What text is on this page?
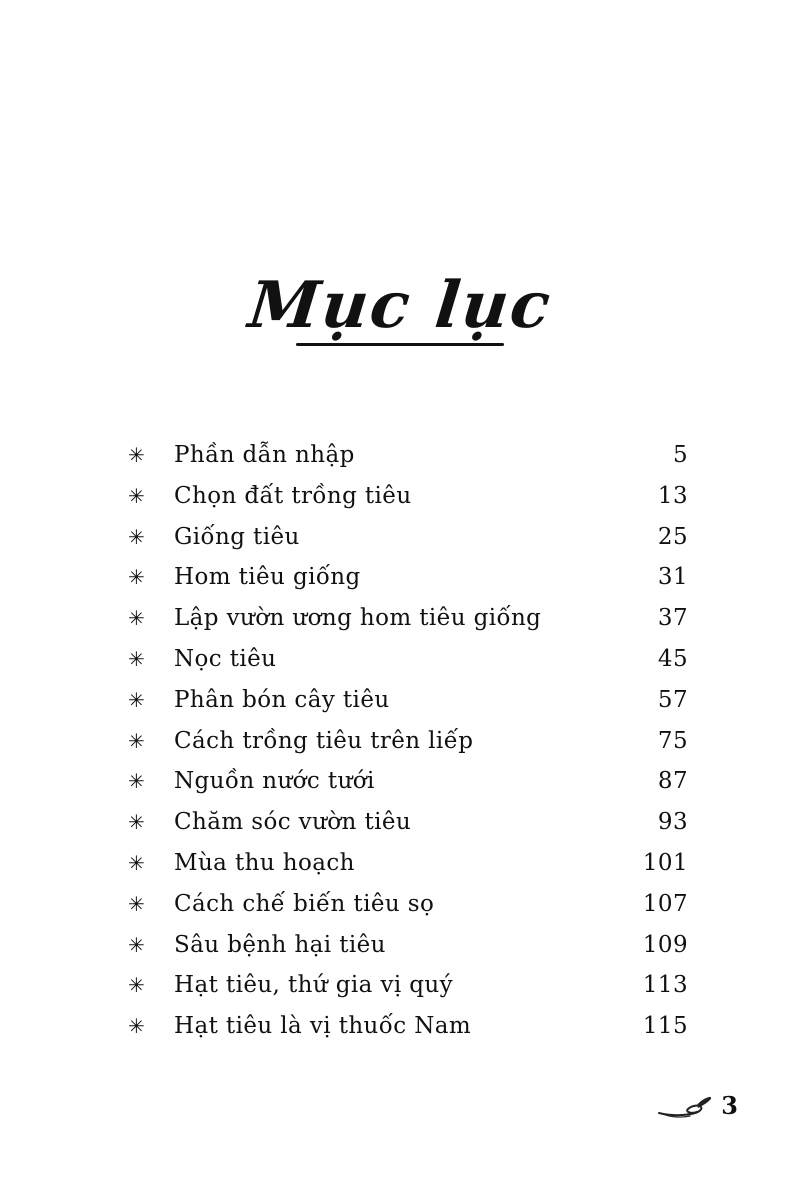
Mục lục
✳	Phần dẫn nhập	5
✳	Chọn đất trồng tiêu	13
✳	Giống tiêu	25
✳	Hom tiêu giống	31
✳	Lập vườn ương hom tiêu giống	37
✳	Nọc tiêu	45
✳	Phân bón cây tiêu	57
✳	Cách trồng tiêu trên liếp	75
✳	Nguồn nước tưới	87
✳	Chăm sóc vườn tiêu	93
✳	Mùa thu hoạch	101
✳	Cách chế biến tiêu sọ	107
✳	Sâu bệnh hại tiêu	109
✳	Hạt tiêu, thứ gia vị quý	113
✳	Hạt tiêu là vị thuốc Nam	115
3
